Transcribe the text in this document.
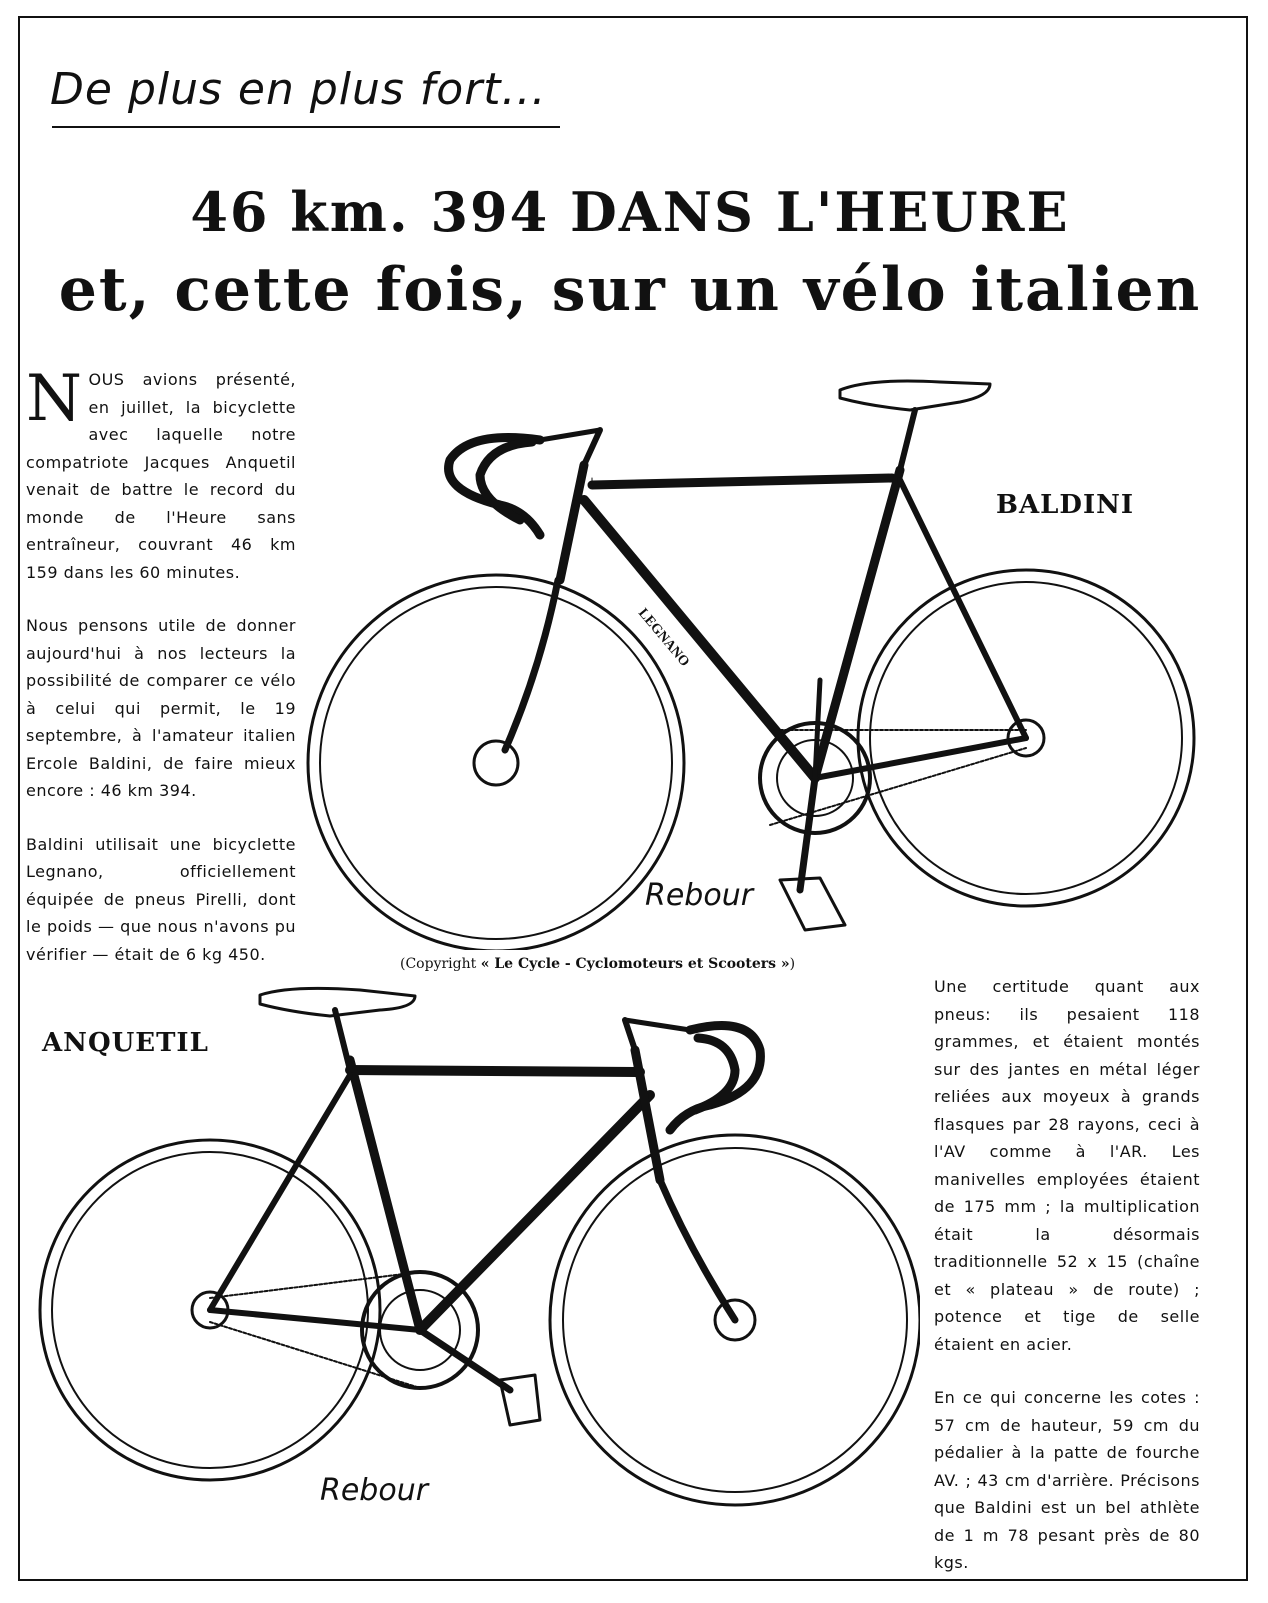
De plus en plus fort...
46 km. 394 DANS L'HEURE
et, cette fois, sur un vélo italien

NOUS avions présenté, en juillet, la bicyclette avec laquelle notre compatriote Jacques Anquetil venait de battre le record du monde de l'Heure sans entraîneur, couvrant 46 km 159 dans les 60 minutes.

Nous pensons utile de donner aujourd'hui à nos lecteurs la possibilité de comparer ce vélo à celui qui permit, le 19 septembre, à l'amateur italien Ercole Baldini, de faire mieux encore : 46 km 394.

Baldini utilisait une bicyclette Legnano, officiellement équipée de pneus Pirelli, dont le poids — que nous n'avons pu vérifier — était de 6 kg 450.

Une certitude quant aux pneus: ils pesaient 118 grammes, et étaient montés sur des jantes en métal léger reliées aux moyeux à grands flasques par 28 rayons, ceci à l'AV comme à l'AR. Les manivelles employées étaient de 175 mm ; la multiplication était la désormais traditionnelle 52 x 15 (chaîne et « plateau » de route) ; potence et tige de selle étaient en acier.

En ce qui concerne les cotes : 57 cm de hauteur, 59 cm du pédalier à la patte de fourche AV. ; 43 cm d'arrière. Précisons que Baldini est un bel athlète de 1 m 78 pesant près de 80 kgs.

LEGNANO
Rebour
Rebour
BALDINI
ANQUETIL
(Copyright « Le Cycle - Cyclomoteurs et Scooters »)
